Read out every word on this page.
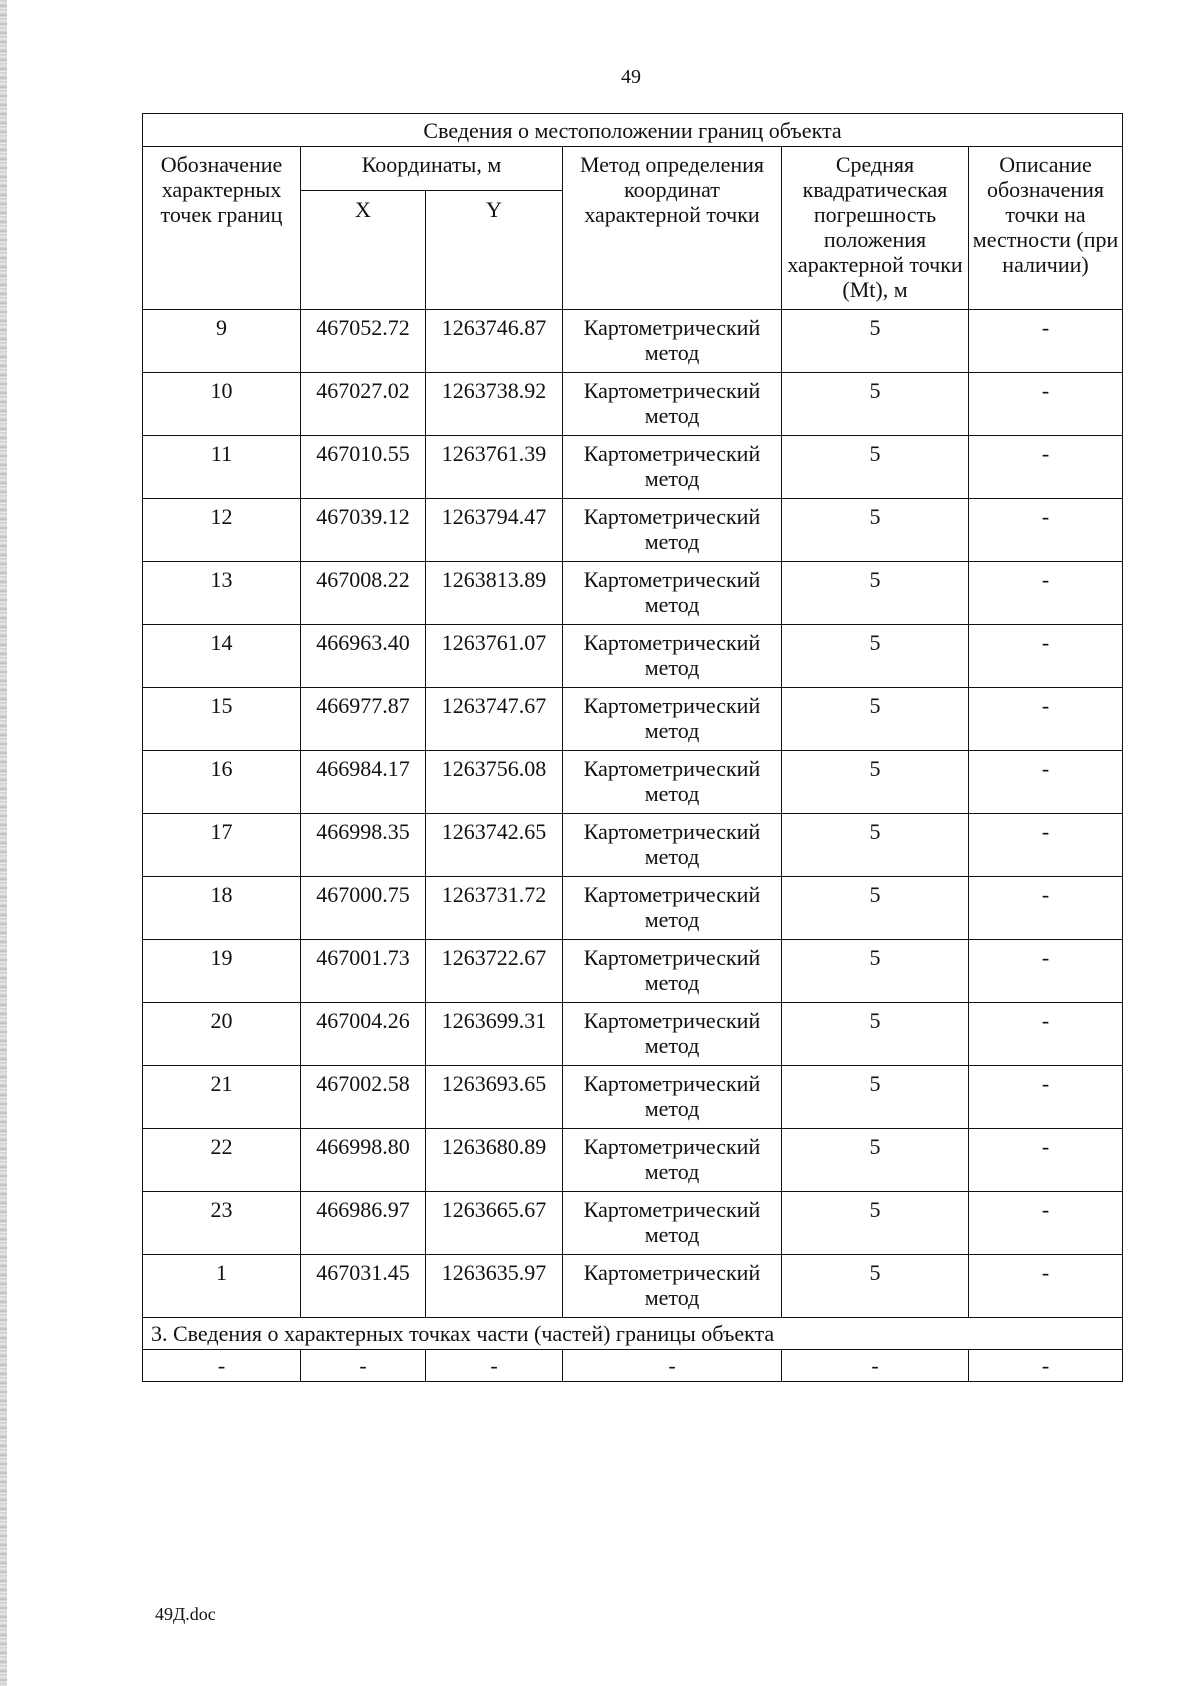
49
Сведения о местоположении границ объекта					
Обозначение характерных точек границ	Координаты, м		Метод определения координат характерной точки	Средняя квадратическая погрешность положения характерной точки (Mt), м	Описание обозначения точки на местности (при наличии)
	X	Y			
9	467052.72	1263746.87	Картометрический метод	5	-
10	467027.02	1263738.92	Картометрический метод	5	-
11	467010.55	1263761.39	Картометрический метод	5	-
12	467039.12	1263794.47	Картометрический метод	5	-
13	467008.22	1263813.89	Картометрический метод	5	-
14	466963.40	1263761.07	Картометрический метод	5	-
15	466977.87	1263747.67	Картометрический метод	5	-
16	466984.17	1263756.08	Картометрический метод	5	-
17	466998.35	1263742.65	Картометрический метод	5	-
18	467000.75	1263731.72	Картометрический метод	5	-
19	467001.73	1263722.67	Картометрический метод	5	-
20	467004.26	1263699.31	Картометрический метод	5	-
21	467002.58	1263693.65	Картометрический метод	5	-
22	466998.80	1263680.89	Картометрический метод	5	-
23	466986.97	1263665.67	Картометрический метод	5	-
1	467031.45	1263635.97	Картометрический метод	5	-
3. Сведения о характерных точках части (частей) границы объекта					
-	-	-	-	-	-
49Д.doc
